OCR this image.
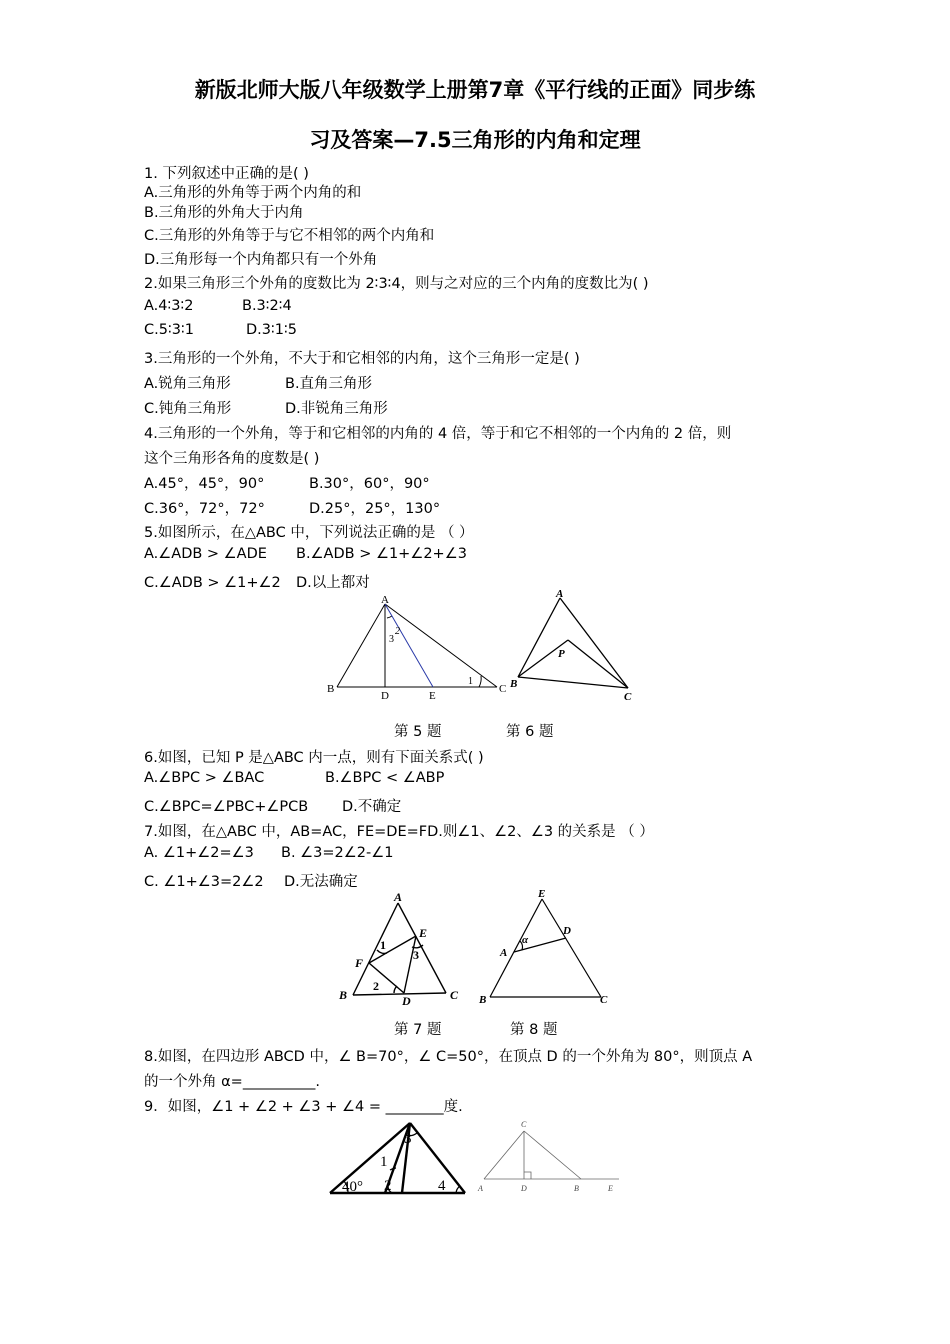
新版北师大版八年级数学上册第7章《平行线的正面》同步练
习及答案—7.5三角形的内角和定理
1. 下列叙述中正确的是( )
A.三角形的外角等于两个内角的和
B.三角形的外角大于内角
C.三角形的外角等于与它不相邻的两个内角和
D.三角形每一个内角都只有一个外角
2.如果三角形三个外角的度数比为 2∶3∶4，则与之对应的三个内角的度数比为( )
A.4∶3∶2	B.3∶2∶4
C.5∶3∶1	D.3∶1∶5
3.三角形的一个外角，不大于和它相邻的内角，这个三角形一定是( )
A.锐角三角形	B.直角三角形
C.钝角三角形	D.非锐角三角形
4.三角形的一个外角，等于和它相邻的内角的 4 倍，等于和它不相邻的一个内角的 2 倍，则
这个三角形各角的度数是( )
A.45°，45°，90°	B.30°，60°，90°
C.36°，72°，72°	D.25°，25°，130°
5.如图所示，在△ABC 中，下列说法正确的是 （ ）
A.∠ADB > ∠ADE B.∠ADB > ∠1+∠2+∠3
C.∠ADB > ∠1+∠2 D.以上都对
A
B	C
D	E
1
2
3
A
B
C
P
第 5 题	第 6 题
6.如图，已知 P 是△ABC 内一点，则有下面关系式( )
A.∠BPC > ∠BAC	B.∠BPC < ∠ABP
C.∠BPC=∠PBC+∠PCB D.不确定
7.如图，在△ABC 中，AB=AC，FE=DE=FD.则∠1、∠2、∠3 的关系是 （ ）
A. ∠1+∠2=∠3 B. ∠3=2∠2-∠1
C. ∠1+∠3=2∠2 D.无法确定
A
B	C
D
E
F
1
2
3
E
A
B	C
D
α
第 7 题	第 8 题
8.如图，在四边形 ABCD 中，∠ B=70°，∠ C=50°，在顶点 D 的一个外角为 80°，则顶点 A
的一个外角 α=__________.
9．如图，∠1 + ∠2 + ∠3 + ∠4 = ________度.
40°
1
2
3
4
C
A	D	B	E
